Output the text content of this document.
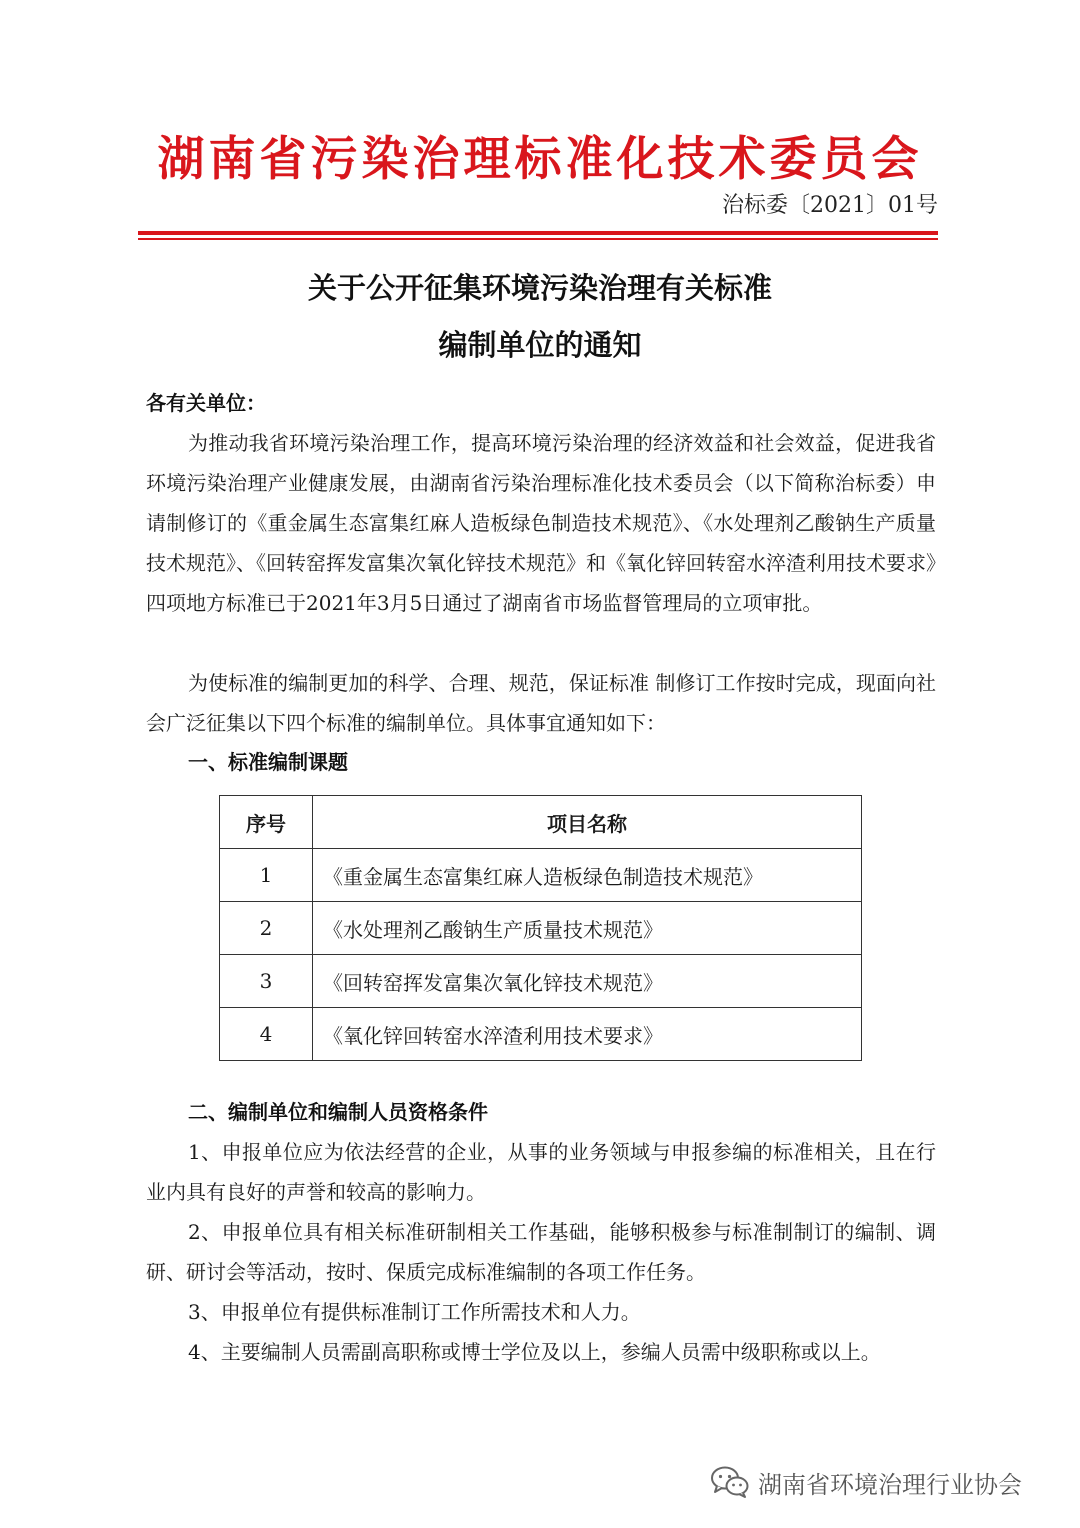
湖南省污染治理标准化技术委员会
治标委〔2021〕01号
关于公开征集环境污染治理有关标准
编制单位的通知
各有关单位：

为推动我省环境污染治理工作，提高环境污染治理的经济效益和社会效益，促进我省环境污染治理产业健康发展，由湖南省污染治理标准化技术委员会（以下简称治标委）申请制修订的《重金属生态富集红麻人造板绿色制造技术规范》、《水处理剂乙酸钠生产质量技术规范》、《回转窑挥发富集次氧化锌技术规范》和《氧化锌回转窑水淬渣利用技术要求》四项地方标准已于2021年3月5日通过了湖南省市场监督管理局的立项审批。

为使标准的编制更加的科学、合理、规范，保证标准 制修订工作按时完成，现面向社会广泛征集以下四个标准的编制单位。具体事宜通知如下：

一、标准编制课题
序号	项目名称
1	《重金属生态富集红麻人造板绿色制造技术规范》
2	《水处理剂乙酸钠生产质量技术规范》
3	《回转窑挥发富集次氧化锌技术规范》
4	《氧化锌回转窑水淬渣利用技术要求》
二、编制单位和编制人员资格条件

1、申报单位应为依法经营的企业，从事的业务领域与申报参编的标准相关，且在行业内具有良好的声誉和较高的影响力。

2、申报单位具有相关标准研制相关工作基础，能够积极参与标准制制订的编制、调研、研讨会等活动，按时、保质完成标准编制的各项工作任务。

3、申报单位有提供标准制订工作所需技术和人力。

4、主要编制人员需副高职称或博士学位及以上，参编人员需中级职称或以上。

湖南省环境治理行业协会
